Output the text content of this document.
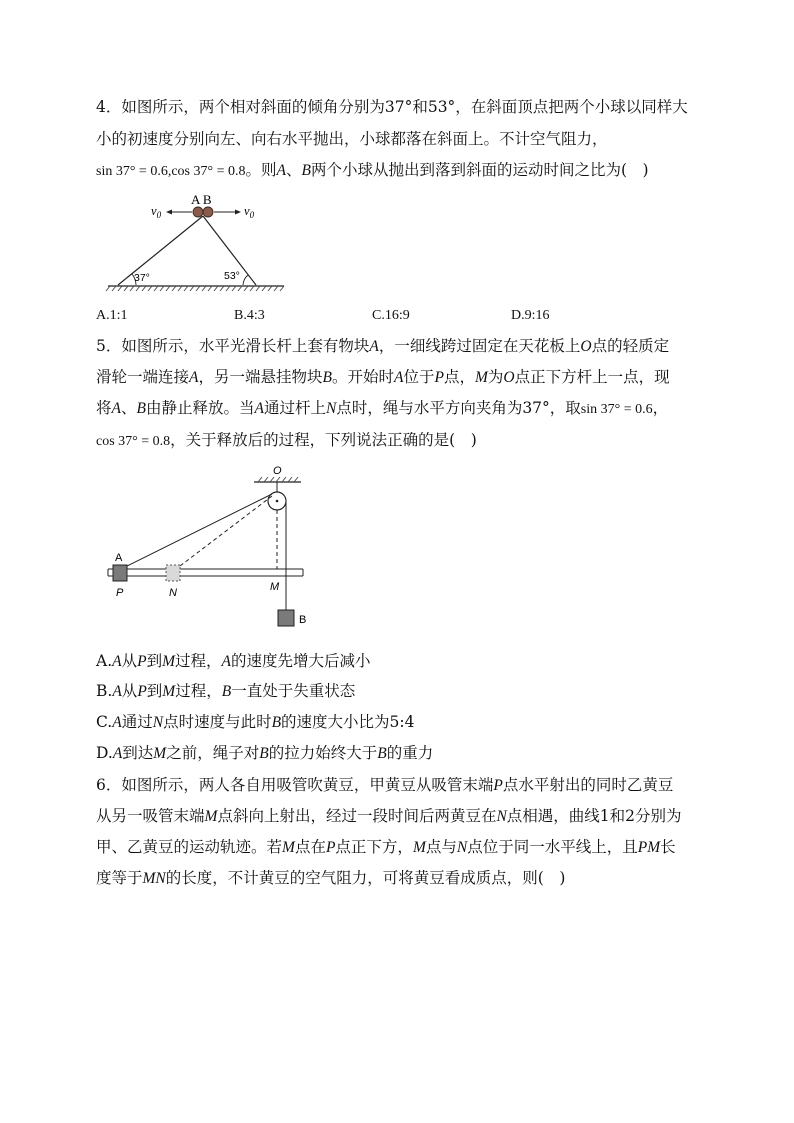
4．如图所示，两个相对斜面的倾角分别为37°和53°，在斜面顶点把两个小球以同样大
小的初速度分别向左、向右水平抛出，小球都落在斜面上。不计空气阻力，
sin 37° = 0.6,cos 37° = 0.8。则A、B两个小球从抛出到落到斜面的运动时间之比为(　)
37°	53°
A B
$v_0$	$v_0$
A.1:1	B.4:3	C.16:9	D.9:16
5．如图所示，水平光滑长杆上套有物块A，一细线跨过固定在天花板上O点的轻质定
滑轮一端连接A，另一端悬挂物块B。开始时A位于P点，M为O点正下方杆上一点，现
将A、B由静止释放。当A通过杆上N点时，绳与水平方向夹角为37°，取sin 37° = 0.6，
cos 37° = 0.8，关于释放后的过程，下列说法正确的是(　)
O
A
P	N	M
B
A.A从P到M过程，A的速度先增大后减小
B.A从P到M过程，B一直处于失重状态
C.A通过N点时速度与此时B的速度大小比为5:4
D.A到达M之前，绳子对B的拉力始终大于B的重力
6．如图所示，两人各自用吸管吹黄豆，甲黄豆从吸管末端P点水平射出的同时乙黄豆
从另一吸管末端M点斜向上射出，经过一段时间后两黄豆在N点相遇，曲线1和2分别为
甲、乙黄豆的运动轨迹。若M点在P点正下方，M点与N点位于同一水平线上，且PM长
度等于MN的长度，不计黄豆的空气阻力，可将黄豆看成质点，则(　)
